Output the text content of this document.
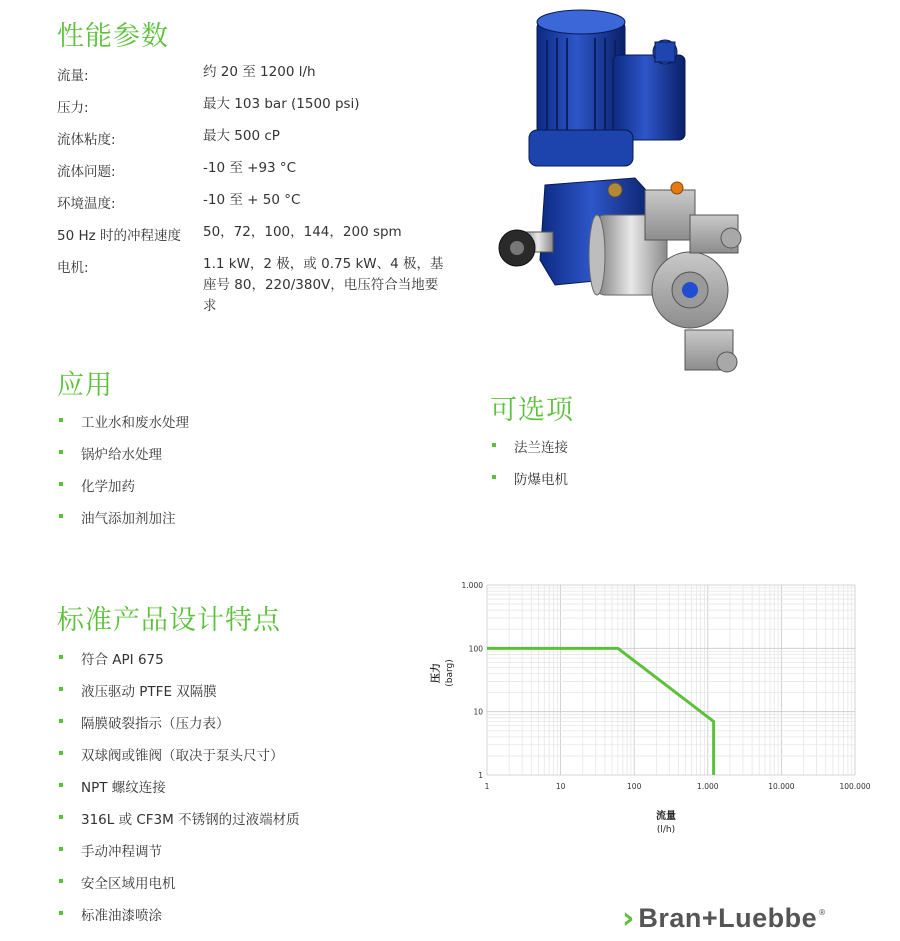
性能参数
流量:	约 20 至 1200 l/h
压力:	最大 103 bar (1500 psi)
流体粘度:	最大 500 cP
流体问题:	-10 至 +93 °C
环境温度:	-10 至 + 50 °C
50 Hz 时的冲程速度	50，72，100，144，200 spm
电机:	1.1 kW，2 极，或 0.75 kW、4 极，基座号 80，220/380V，电压符合当地要求
应用
工业水和废水处理
锅炉给水处理
化学加药
油气添加剂加注
可选项
法兰连接
防爆电机
标准产品设计特点
符合 API 675
液压驱动 PTFE 双隔膜
隔膜破裂指示（压力表）
双球阀或锥阀（取决于泵头尺寸）
NPT 螺纹连接
316L 或 CF3M 不锈钢的过液端材质
手动冲程调节
安全区域用电机
标准油漆喷涂
1	10	100	1.000	10.000	100.000
1
10
100
1.000
压力 (barg)
流量
(l/h)
› Bran+Luebbe ®
